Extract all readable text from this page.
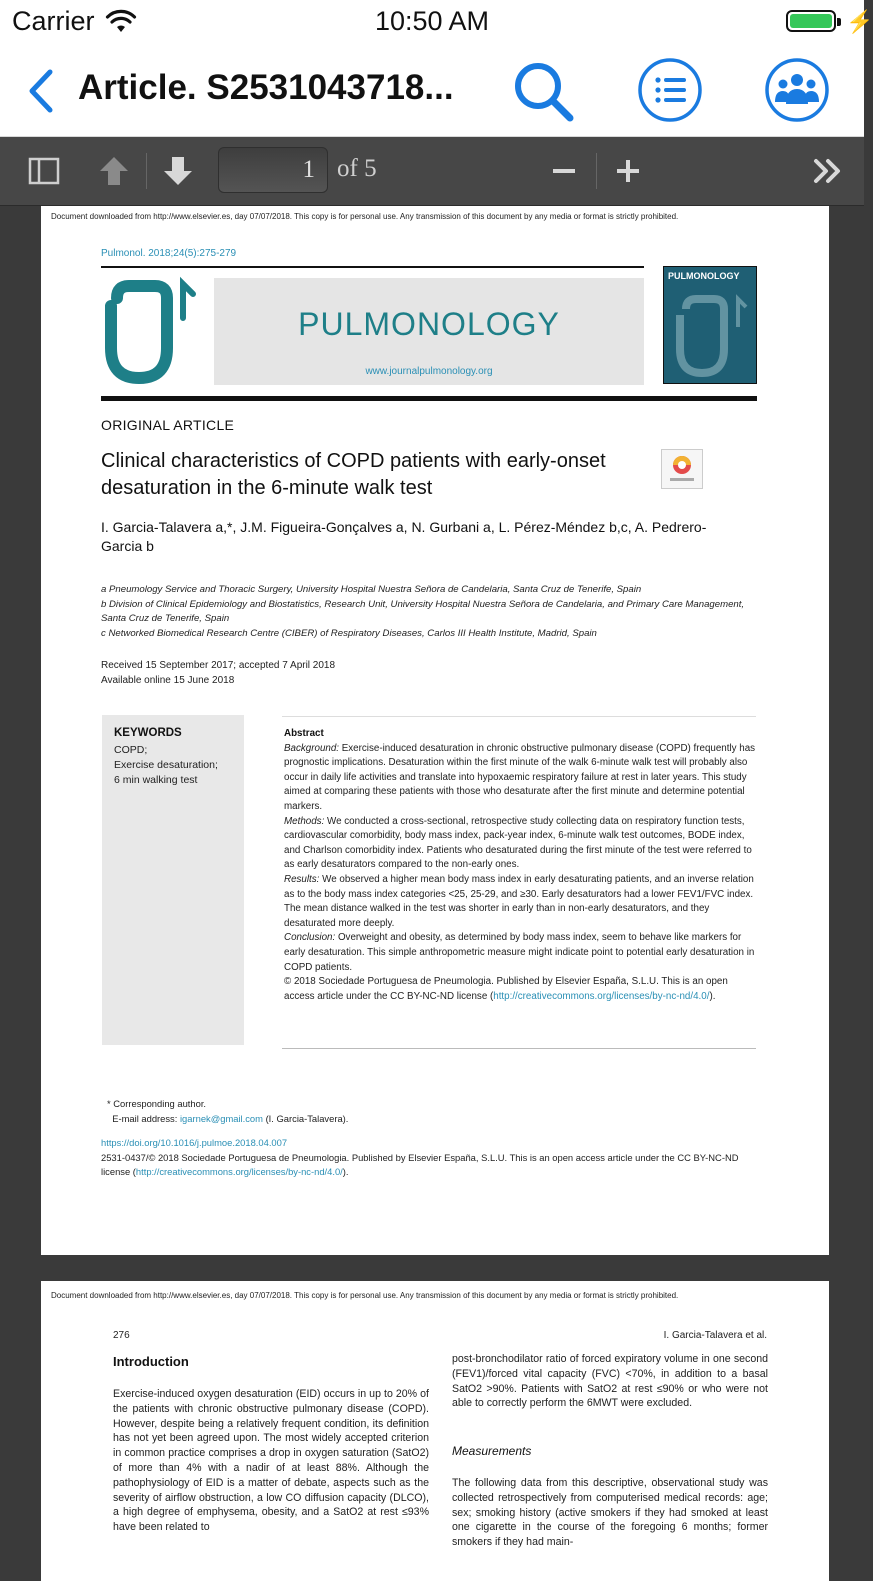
Carrier	10:50 AM	⚡
Article. S2531043718...
1 of 5
Document downloaded from http://www.elsevier.es, day 07/07/2018. This copy is for personal use. Any transmission of this document by any media or format is strictly prohibited.
Pulmonol. 2018;24(5):275-279
PULMONOLOGY
www.journalpulmonology.org
PULMONOLOGY
ORIGINAL ARTICLE
Clinical characteristics of COPD patients with early-onset desaturation in the 6-minute walk test
I. Garcia-Talavera a,*, J.M. Figueira-Gonçalves a, N. Gurbani a, L. Pérez-Méndez b,c, A. Pedrero-Garcia b
a Pneumology Service and Thoracic Surgery, University Hospital Nuestra Señora de Candelaria, Santa Cruz de Tenerife, Spain
b Division of Clinical Epidemiology and Biostatistics, Research Unit, University Hospital Nuestra Señora de Candelaria, and Primary Care Management, Santa Cruz de Tenerife, Spain
c Networked Biomedical Research Centre (CIBER) of Respiratory Diseases, Carlos III Health Institute, Madrid, Spain
Received 15 September 2017; accepted 7 April 2018
Available online 15 June 2018
KEYWORDS
COPD;
Exercise desaturation;
6 min walking test
Abstract

Background: Exercise-induced desaturation in chronic obstructive pulmonary disease (COPD) frequently has prognostic implications. Desaturation within the first minute of the walk 6-minute walk test will probably also occur in daily life activities and translate into hypoxaemic respiratory failure at rest in later years. This study aimed at comparing these patients with those who desaturate after the first minute and determine potential markers.

Methods: We conducted a cross-sectional, retrospective study collecting data on respiratory function tests, cardiovascular comorbidity, body mass index, pack-year index, 6-minute walk test outcomes, BODE index, and Charlson comorbidity index. Patients who desaturated during the first minute of the test were referred to as early desaturators compared to the non-early ones.

Results: We observed a higher mean body mass index in early desaturating patients, and an inverse relation as to the body mass index categories <25, 25-29, and ≥30. Early desaturators had a lower FEV1/FVC index. The mean distance walked in the test was shorter in early than in non-early desaturators, and they desaturated more deeply.

Conclusion: Overweight and obesity, as determined by body mass index, seem to behave like markers for early desaturation. This simple anthropometric measure might indicate point to potential early desaturation in COPD patients.

© 2018 Sociedade Portuguesa de Pneumologia. Published by Elsevier España, S.L.U. This is an open access article under the CC BY-NC-ND license (http://creativecommons.org/licenses/by-nc-nd/4.0/).

* Corresponding author.
E-mail address: igarnek@gmail.com (I. Garcia-Talavera).
https://doi.org/10.1016/j.pulmoe.2018.04.007
2531-0437/© 2018 Sociedade Portuguesa de Pneumologia. Published by Elsevier España, S.L.U. This is an open access article under the CC BY-NC-ND license (http://creativecommons.org/licenses/by-nc-nd/4.0/).
Document downloaded from http://www.elsevier.es, day 07/07/2018. This copy is for personal use. Any transmission of this document by any media or format is strictly prohibited.
276	I. Garcia-Talavera et al.
Introduction
Exercise-induced oxygen desaturation (EID) occurs in up to 20% of the patients with chronic obstructive pulmonary disease (COPD). However, despite being a relatively frequent condition, its definition has not yet been agreed upon. The most widely accepted criterion in common practice comprises a drop in oxygen saturation (SatO2) of more than 4% with a nadir of at least 88%. Although the pathophysiology of EID is a matter of debate, aspects such as the severity of airflow obstruction, a low CO diffusion capacity (DLCO), a high degree of emphysema, obesity, and a SatO2 at rest ≤93% have been related to
post-bronchodilator ratio of forced expiratory volume in one second (FEV1)/forced vital capacity (FVC) <70%, in addition to a basal SatO2 >90%. Patients with SatO2 at rest ≤90% or who were not able to correctly perform the 6MWT were excluded.
Measurements
The following data from this descriptive, observational study was collected retrospectively from computerised medical records: age; sex; smoking history (active smokers if they had smoked at least one cigarette in the course of the foregoing 6 months; former smokers if they had main-
